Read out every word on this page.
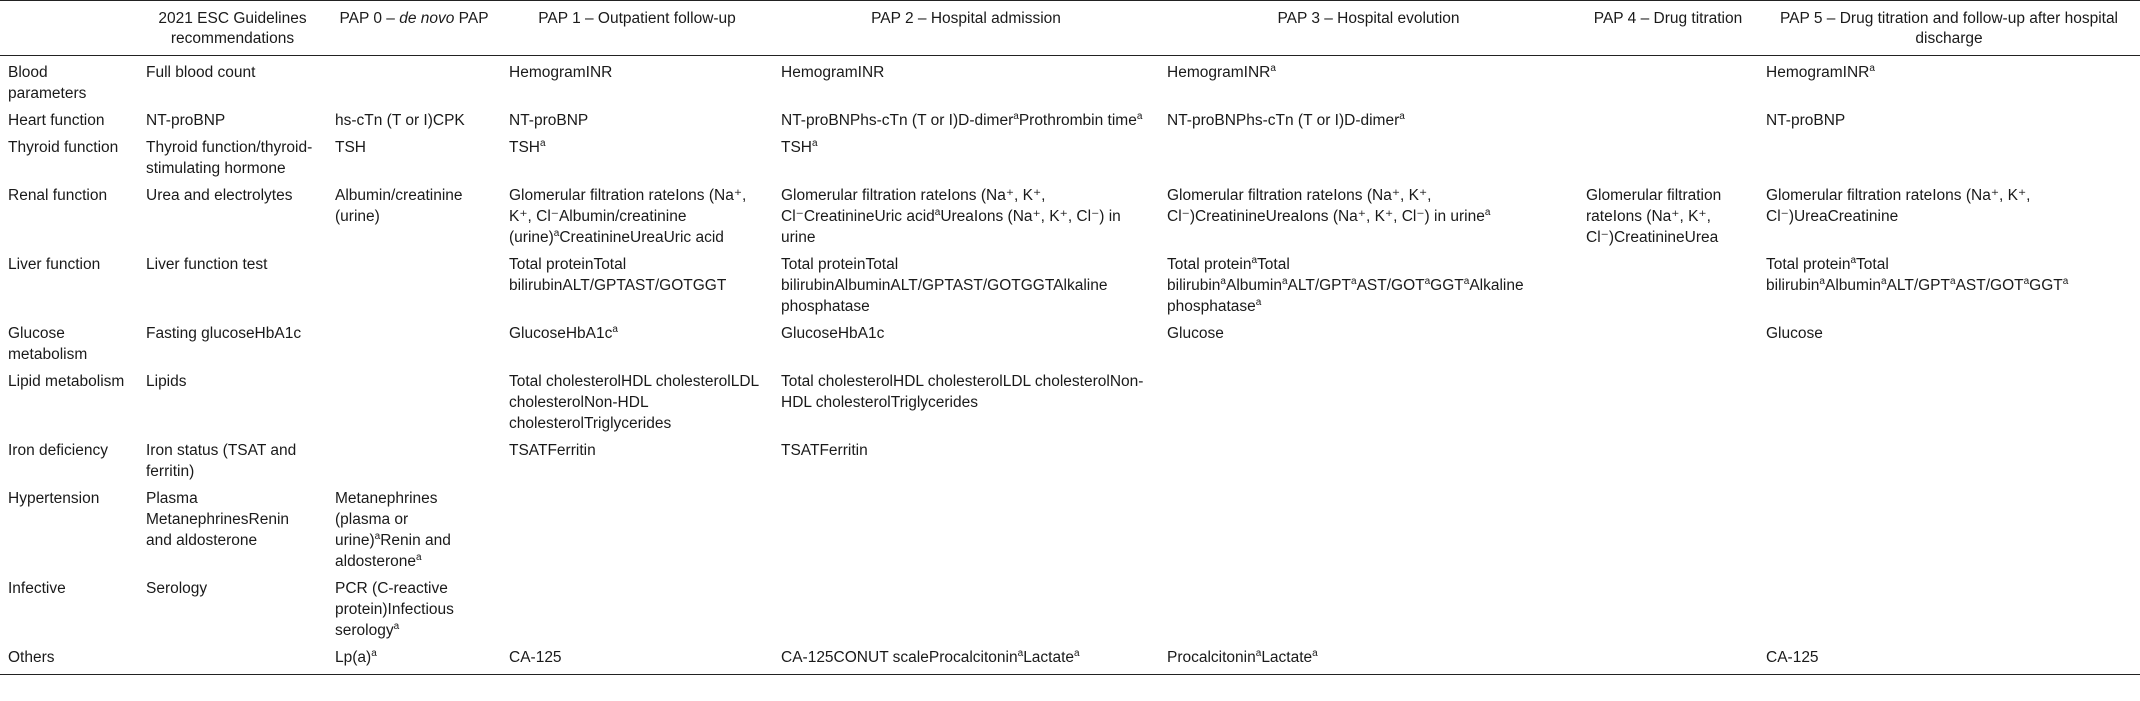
	2021 ESC Guidelines recommendations	PAP 0 – de novo PAP	PAP 1 – Outpatient follow-up	PAP 2 – Hospital admission	PAP 3 – Hospital evolution	PAP 4 – Drug titration	PAP 5 – Drug titration and follow-up after hospital discharge
Blood parameters	Full blood count		HemogramINR	HemogramINR	HemogramINR$^a$		HemogramINR$^a$
Heart function	NT-proBNP	hs-cTn (T or I)CPK	NT-proBNP	NT-proBNPhs-cTn (T or I)D-dimer$^a$Prothrombin time$^a$	NT-proBNPhs-cTn (T or I)D-dimer$^a$		NT-proBNP
Thyroid function	Thyroid function/thyroid-stimulating hormone	TSH	TSH$^a$	TSH$^a$			
Renal function	Urea and electrolytes	Albumin/creatinine (urine)	Glomerular filtration rateIons (Na⁺, K⁺, Cl⁻Albumin/creatinine (urine)$^a$CreatinineUreaUric acid	Glomerular filtration rateIons (Na⁺, K⁺, Cl⁻CreatinineUric acid$^a$UreaIons (Na⁺, K⁺, Cl⁻) in urine	Glomerular filtration rateIons (Na⁺, K⁺, Cl⁻)CreatinineUreaIons (Na⁺, K⁺, Cl⁻) in urine$^a$	Glomerular filtration rateIons (Na⁺, K⁺, Cl⁻)CreatinineUrea	Glomerular filtration rateIons (Na⁺, K⁺, Cl⁻)UreaCreatinine
Liver function	Liver function test		Total proteinTotal bilirubinALT/GPTAST/GOTGGT	Total proteinTotal bilirubinAlbuminALT/GPTAST/GOTGGTAlkaline phosphatase	Total protein$^a$Total bilirubin$^a$Albumin$^a$ALT/GPT$^a$AST/GOT$^a$GGT$^a$Alkaline phosphatase$^a$		Total protein$^a$Total bilirubin$^a$Albumin$^a$ALT/GPT$^a$AST/GOT$^a$GGT$^a$
Glucose metabolism	Fasting glucoseHbA1c		$GlucoseHbA1c^a$	GlucoseHbA1c	Glucose		Glucose
Lipid metabolism	Lipids		Total cholesterolHDL cholesterolLDL cholesterolNon-HDL cholesterolTriglycerides	Total cholesterolHDL cholesterolLDL cholesterolNon-HDL cholesterolTriglycerides			
Iron deficiency	Iron status (TSAT and ferritin)		TSATFerritin	TSATFerritin			
Hypertension	Plasma MetanephrinesRenin and aldosterone	Metanephrines (plasma or urine)$^a$Renin and aldosterone$^a$					
Infective	Serology	PCR (C-reactive protein)Infectious serology$^a$					
Others		$Lp(a)^a$	CA-125	CA-125CONUT scaleProcalcitonin$^a$Lactate$^a$	Procalcitonin$^a$Lactate$^a$		CA-125
